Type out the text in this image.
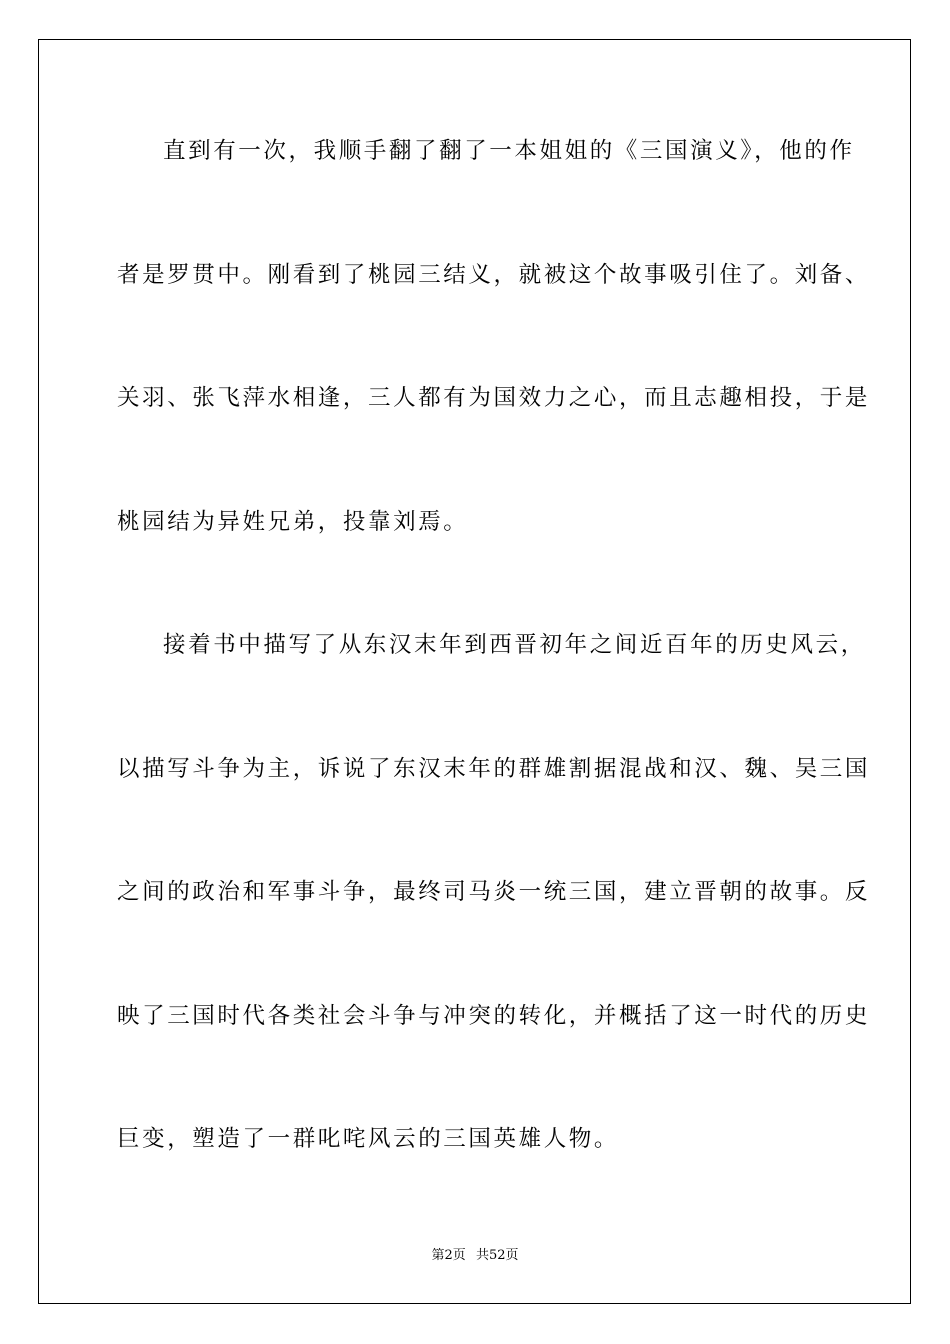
直到有一次，我顺手翻了翻了一本姐姐的《三国演义》，他的作
者是罗贯中。刚看到了桃园三结义，就被这个故事吸引住了。刘备、
关羽、张飞萍水相逢，三人都有为国效力之心，而且志趣相投，于是
桃园结为异姓兄弟，投靠刘焉。
接着书中描写了从东汉末年到西晋初年之间近百年的历史风云，
以描写斗争为主，诉说了东汉末年的群雄割据混战和汉、魏、吴三国
之间的政治和军事斗争，最终司马炎一统三国，建立晋朝的故事。反
映了三国时代各类社会斗争与冲突的转化，并概括了这一时代的历史
巨变，塑造了一群叱咤风云的三国英雄人物。
第2页 共52页
